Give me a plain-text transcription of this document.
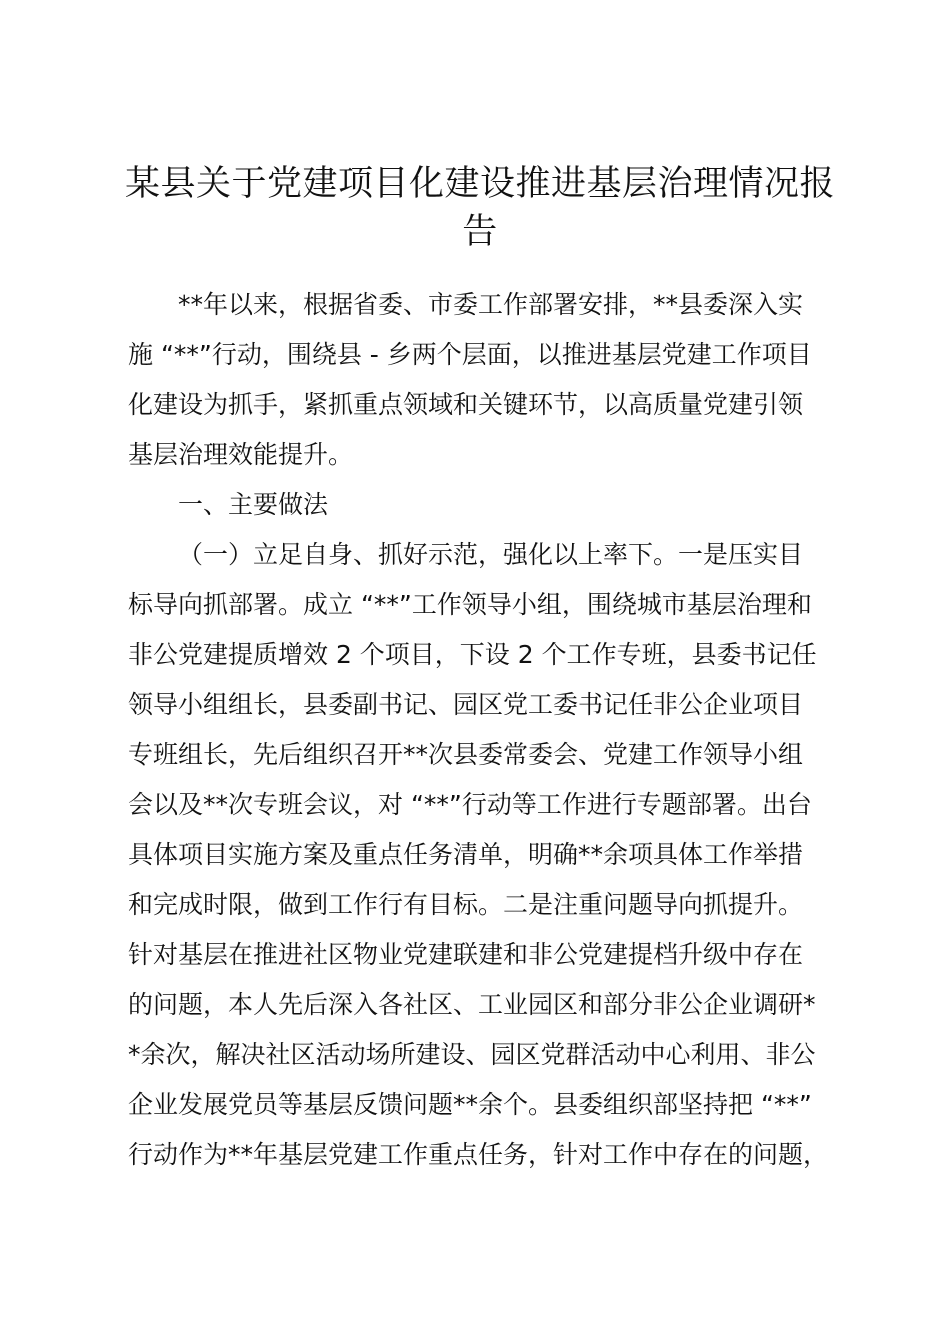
某县关于党建项目化建设推进基层治理情况报
告
**年以来，根据省委、市委工作部署安排，**县委深入实
施 “**”行动，围绕县 - 乡两个层面，以推进基层党建工作项目
化建设为抓手，紧抓重点领域和关键环节，以高质量党建引领
基层治理效能提升。
一、主要做法
（一）立足自身、抓好示范，强化以上率下。一是压实目
标导向抓部署。成立 “**”工作领导小组，围绕城市基层治理和
非公党建提质增效 2 个项目，下设 2 个工作专班，县委书记任
领导小组组长，县委副书记、园区党工委书记任非公企业项目
专班组长，先后组织召开**次县委常委会、党建工作领导小组
会以及**次专班会议，对 “**”行动等工作进行专题部署。出台
具体项目实施方案及重点任务清单，明确**余项具体工作举措
和完成时限，做到工作行有目标。二是注重问题导向抓提升。
针对基层在推进社区物业党建联建和非公党建提档升级中存在
的问题，本人先后深入各社区、工业园区和部分非公企业调研*
*余次，解决社区活动场所建设、园区党群活动中心利用、非公
企业发展党员等基层反馈问题**余个。县委组织部坚持把 “**”
行动作为**年基层党建工作重点任务，针对工作中存在的问题，
